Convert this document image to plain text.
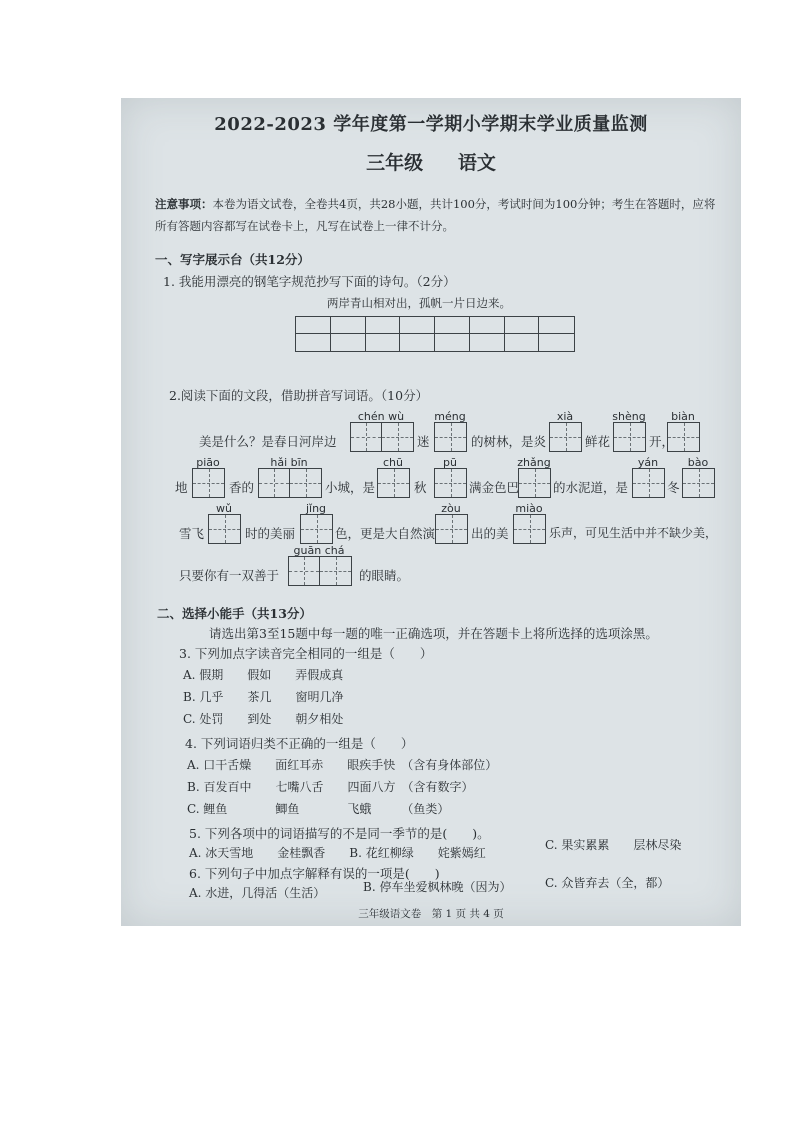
2022-2023 学年度第一学期小学期末学业质量监测
三年级 语文
注意事项：本卷为语文试卷，全卷共4页，共28小题，共计100分，考试时间为100分钟；考生在答题时，应将所有答题内容都写在试卷卡上，凡写在试卷上一律不计分。
一、写字展示台（共12分）
1. 我能用漂亮的钢笔字规范抄写下面的诗句。（2分）
两岸青山相对出，孤帆一片日边来。
2.阅读下面的文段，借助拼音写词语。（10分）
chén wù	méng	xià	shèng	biàn
美是什么？是春日河岸边	迷	的树林，是炎	鲜花	开，
piāo	hǎi bīn	chū	pū	zhǎng	yán	bào
地	香的	小城，是	秋	满金色巴	的水泥道，是	冬
wǔ	jǐng	zòu	miào
雪飞	时的美丽	色，更是大自然演	出的美	乐声，可见生活中并不缺少美，
guān chá
只要你有一双善于	的眼睛。
二、选择小能手（共13分）
请选出第3至15题中每一题的唯一正确选项，并在答题卡上将所选择的选项涂黑。
3. 下列加点字读音完全相同的一组是（　　）
A. 假期　　假如　　弄假成真
B. 几乎　　茶几　　窗明几净
C. 处罚　　到处　　朝夕相处
4. 下列词语归类不正确的一组是（　　）
A. 口干舌燥　　面红耳赤　　眼疾手快　（含有身体部位）
B. 百发百中　　七嘴八舌　　四面八方　（含有数字）
C. 鲤鱼　　　　鲫鱼　　　　飞蛾　　　（鱼类）
5. 下列各项中的词语描写的不是同一季节的是(　　)。
A. 冰天雪地　　金桂飘香　　B. 花红柳绿　　姹紫嫣红
C. 果实累累　　层林尽染
6. 下列句子中加点字解释有误的一项是(　　)
A. 水进，几得活（生活）	B. 停车坐爱枫林晚（因为）	C. 众皆弃去（全，都）
三年级语文卷　第 1 页 共 4 页
